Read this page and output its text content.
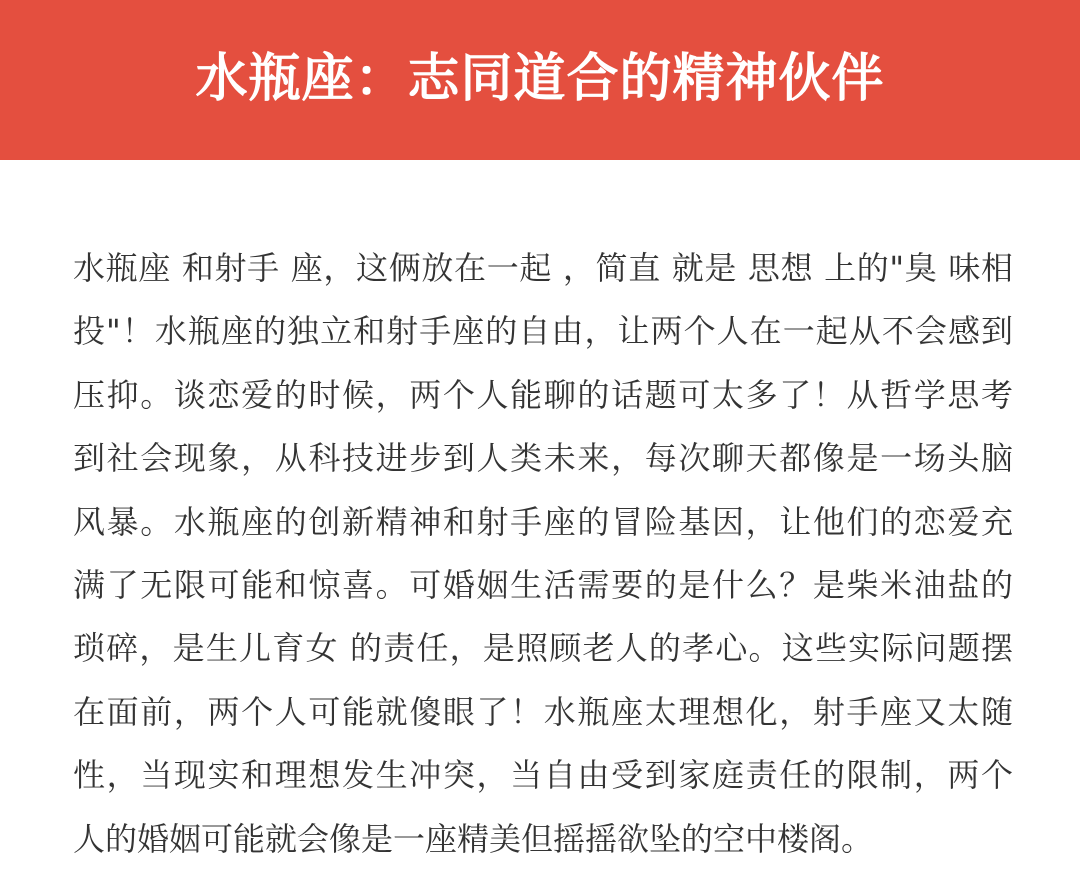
水瓶座：志同道合的精神伙伴
水瓶座 和射手 座，这俩放在一起 ，简直 就是 思想 上的"臭 味相
投"！水瓶座的独立和射手座的自由，让两个人在一起从不会感到
压抑。谈恋爱的时候，两个人能聊的话题可太多了！从哲学思考
到社会现象，从科技进步到人类未来，每次聊天都像是一场头脑
风暴。水瓶座的创新精神和射手座的冒险基因，让他们的恋爱充
满了无限可能和惊喜。可婚姻生活需要的是什么？是柴米油盐的
琐碎，是生儿育女 的责任，是照顾老人的孝心。这些实际问题摆
在面前，两个人可能就傻眼了！水瓶座太理想化，射手座又太随
性，当现实和理想发生冲突，当自由受到家庭责任的限制，两个
人的婚姻可能就会像是一座精美但摇摇欲坠的空中楼阁。
